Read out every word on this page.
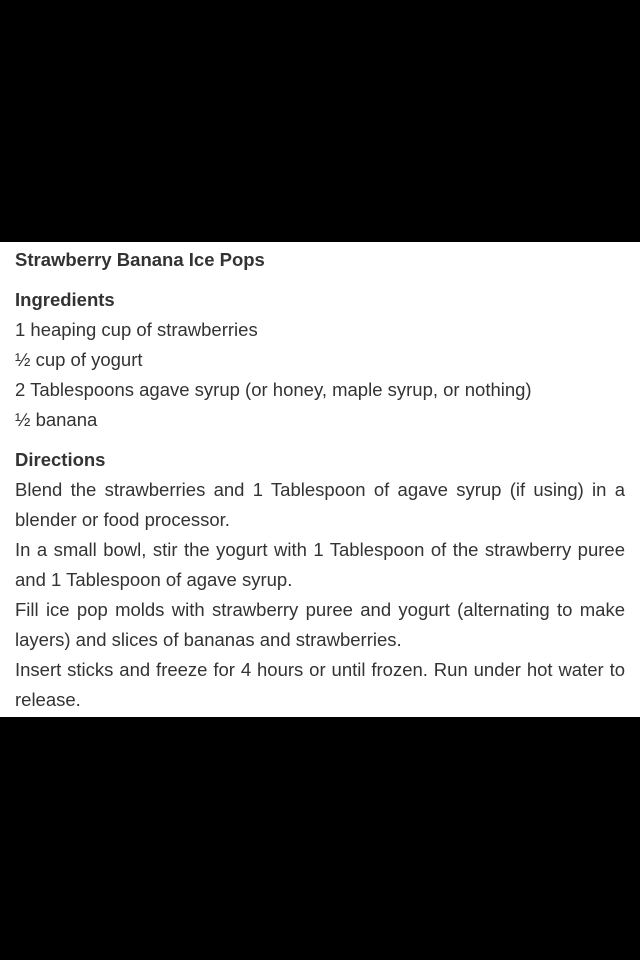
Strawberry Banana Ice Pops
Ingredients
1 heaping cup of strawberries
½ cup of yogurt
2 Tablespoons agave syrup (or honey, maple syrup, or nothing)
½ banana
Directions
Blend the strawberries and 1 Tablespoon of agave syrup (if using) in a blender or food processor.
In a small bowl, stir the yogurt with 1 Tablespoon of the strawberry puree and 1 Tablespoon of agave syrup.
Fill ice pop molds with strawberry puree and yogurt (alternating to make layers) and slices of bananas and strawberries.
Insert sticks and freeze for 4 hours or until frozen. Run under hot water to release.
